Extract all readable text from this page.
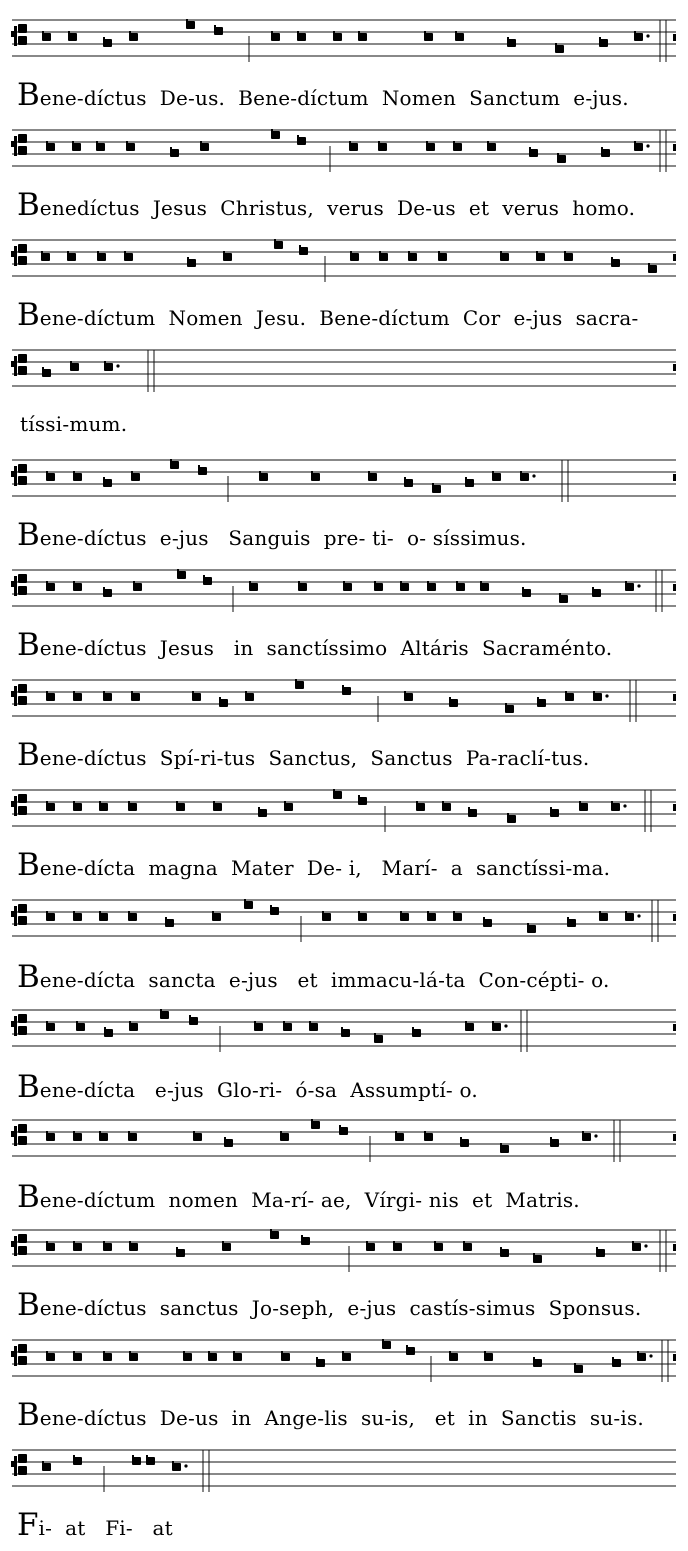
Bene-díctus  De-us.  Bene-díctum  Nomen  Sanctum  e-jus.
Benedíctus  Jesus  Christus,  verus  De-us  et  verus  homo.
Bene-díctum  Nomen  Jesu.  Bene-díctum  Cor  e-jus  sacra-
tíssi-mum.
Bene-díctus  e-jus   Sanguis  pre- ti-  o- síssimus.
Bene-díctus  Jesus   in  sanctíssimo  Altáris  Sacraménto.
Bene-díctus  Spí-ri-tus  Sanctus,  Sanctus  Pa-raclí-tus.
Bene-dícta  magna  Mater  De- i,   Marí-  a  sanctíssi-ma.
Bene-dícta  sancta  e-jus   et  immacu-lá-ta  Con-cépti- o.
Bene-dícta   e-jus  Glo-ri-  ó-sa  Assumptí- o.
Bene-díctum  nomen  Ma-rí- ae,  Vírgi- nis  et  Matris.
Bene-díctus  sanctus  Jo-seph,  e-jus  castís-simus  Sponsus.
Bene-díctus  De-us  in  Ange-lis  su-is,   et  in  Sanctis  su-is.
Fi-  at   Fi-   at
